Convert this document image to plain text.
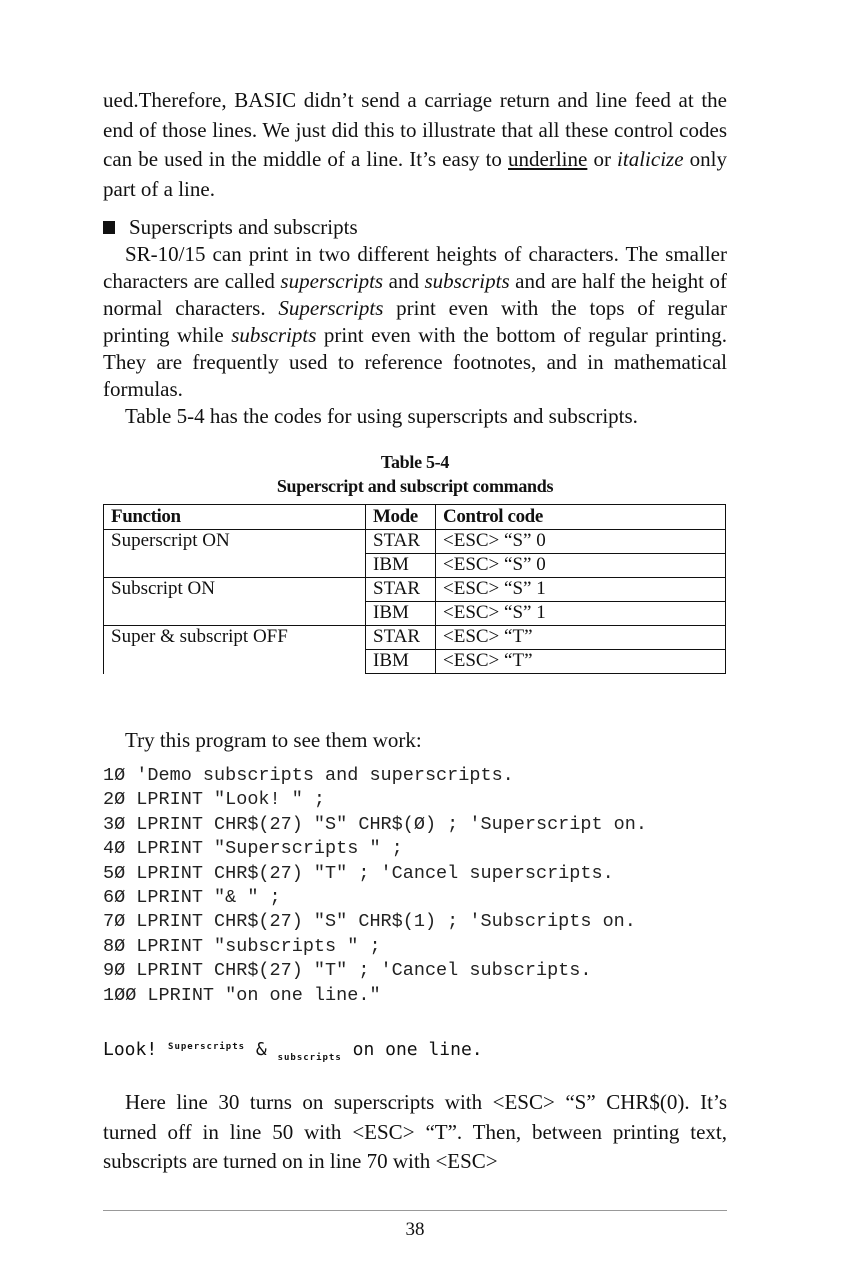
ued.Therefore, BASIC didn’t send a carriage return and line feed at the end of those lines. We just did this to illustrate that all these control codes can be used in the middle of a line. It’s easy to underline or italicize only part of a line.

Superscripts and subscripts

SR-10/15 can print in two different heights of characters. The smaller characters are called superscripts and subscripts and are half the height of normal characters. Superscripts print even with the tops of regular printing while subscripts print even with the bottom of regular printing. They are frequently used to reference footnotes, and in mathematical formulas.

Table 5-4 has the codes for using superscripts and subscripts.

Table 5-4
Superscript and subscript commands
Function	Mode	Control code
Superscript ON	STAR	<ESC> “S” 0
	IBM	<ESC> “S” 0
Subscript ON	STAR	<ESC> “S” 1
	IBM	<ESC> “S” 1
Super & subscript OFF	STAR	<ESC> “T”
	IBM	<ESC> “T”

Try this program to see them work:

1Ø 'Demo subscripts and superscripts.
2Ø LPRINT "Look! " ;
3Ø LPRINT CHR$(27) "S" CHR$(Ø) ; 'Superscript on.
4Ø LPRINT "Superscripts " ;
5Ø LPRINT CHR$(27) "T" ; 'Cancel superscripts.
6Ø LPRINT "& " ;
7Ø LPRINT CHR$(27) "S" CHR$(1) ; 'Subscripts on.
8Ø LPRINT "subscripts " ;
9Ø LPRINT CHR$(27) "T" ; 'Cancel subscripts.
1ØØ LPRINT "on one line."
Look! $^{Superscripts}$ & $_{subscripts}$ on one line.

Here line 30 turns on superscripts with <ESC> “S” CHR$(0). It’s turned off in line 50 with <ESC> “T”. Then, between printing text, subscripts are turned on in line 70 with <ESC>

38
